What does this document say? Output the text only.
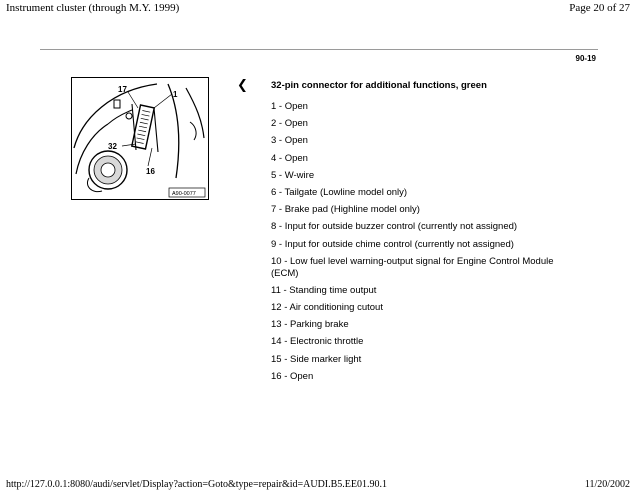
Instrument cluster (through M.Y. 1999)	Page 20 of 27
90-19
17
1
32
16
A90-0077
❮ 32-pin connector for additional functions, green
1 - Open
2 - Open
3 - Open
4 - Open
5 - W-wire
6 - Tailgate (Lowline model only)
7 - Brake pad (Highline model only)
8 - Input for outside buzzer control (currently not assigned)
9 - Input for outside chime control (currently not assigned)
10 - Low fuel level warning-output signal for Engine Control Module (ECM)
11 - Standing time output
12 - Air conditioning cutout
13 - Parking brake
14 - Electronic throttle
15 - Side marker light
16 - Open
http://127.0.0.1:8080/audi/servlet/Display?action=Goto&type=repair&id=AUDI.B5.EE01.90.1	11/20/2002
